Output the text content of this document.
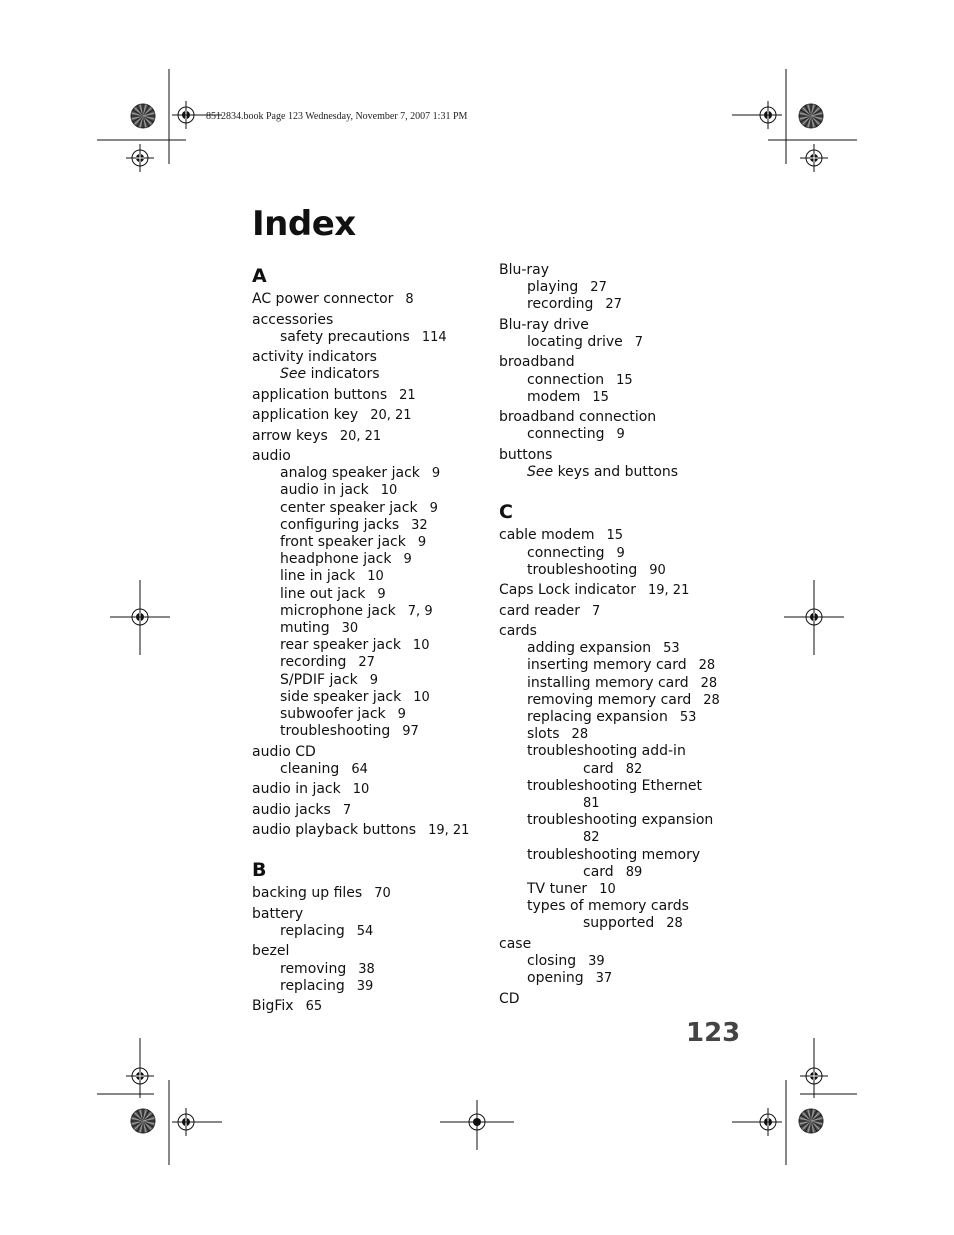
8512834.book Page 123 Wednesday, November 7, 2007 1:31 PM
Index
A
AC power connector 8
accessories
safety precautions 114
activity indicators
See indicators
application buttons 21
application key 20, 21
arrow keys 20, 21
audio
analog speaker jack 9
audio in jack 10
center speaker jack 9
configuring jacks 32
front speaker jack 9
headphone jack 9
line in jack 10
line out jack 9
microphone jack 7, 9
muting 30
rear speaker jack 10
recording 27
S/PDIF jack 9
side speaker jack 10
subwoofer jack 9
troubleshooting 97
audio CD
cleaning 64
audio in jack 10
audio jacks 7
audio playback buttons 19, 21
B
backing up files 70
battery
replacing 54
bezel
removing 38
replacing 39
BigFix 65
Blu-ray
playing 27
recording 27
Blu-ray drive
locating drive 7
broadband
connection 15
modem 15
broadband connection
connecting 9
buttons
See keys and buttons
C
cable modem 15
connecting 9
troubleshooting 90
Caps Lock indicator 19, 21
card reader 7
cards
adding expansion 53
inserting memory card 28
installing memory card 28
removing memory card 28
replacing expansion 53
slots 28
troubleshooting add-in
card 82
troubleshooting Ethernet
81
troubleshooting expansion
82
troubleshooting memory
card 89
TV tuner 10
types of memory cards
supported 28
case
closing 39
opening 37
CD
123
